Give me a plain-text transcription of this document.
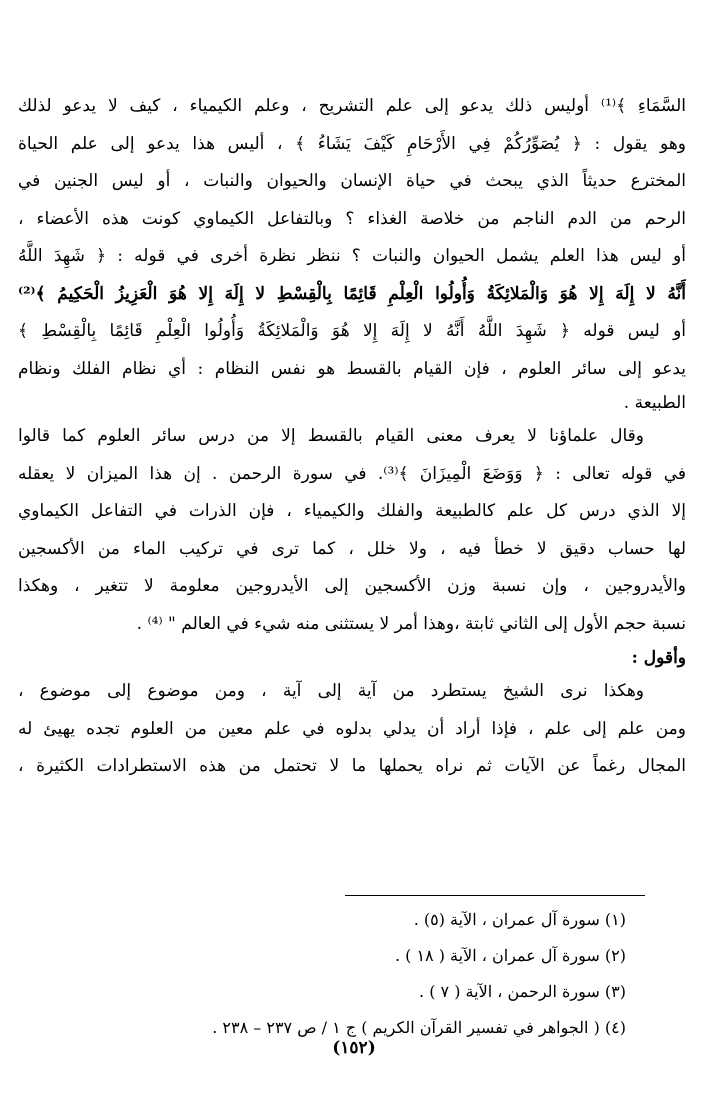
السَّمَاءِ ﴾⁽¹⁾ أوليس ذلك يدعو إلى علم التشريح ، وعلم الكيمياء ، كيف لا يدعو لذلك
وهو يقول : ﴿ يُصَوِّرُكُمْ فِي الأَرْحَامِ كَيْفَ يَشَاءُ ﴾ ، أليس هذا يدعو إلى علم الحياة
المخترع حديثاً الذي يبحث في حياة الإنسان والحيوان والنبات ، أو ليس الجنين في
الرحم من الدم الناجم من خلاصة الغذاء ؟ وبالتفاعل الكيماوي كونت هذه الأعضاء ،
أو ليس هذا العلم يشمل الحيوان والنبات ؟ ننظر نظرة أخرى في قوله : ﴿ شَهِدَ اللَّهُ
أَنَّهُ لا إِلَهَ إِلا هُوَ وَالْمَلائِكَةُ وَأُولُوا الْعِلْمِ قَائِمًا بِالْقِسْطِ لا إِلَهَ إِلا هُوَ الْعَزِيزُ الْحَكِيمُ ﴾⁽²⁾
أو ليس قوله ﴿ شَهِدَ اللَّهُ أَنَّهُ لا إِلَهَ إِلا هُوَ وَالْمَلائِكَةُ وَأُولُوا الْعِلْمِ قَائِمًا بِالْقِسْطِ ﴾
يدعو إلى سائر العلوم ، فإن القيام بالقسط هو نفس النظام : أي نظام الفلك ونظام
الطبيعة .
وقال علماؤنا لا يعرف معنى القيام بالقسط إلا من درس سائر العلوم كما قالوا
في قوله تعالى : ﴿ وَوَضَعَ الْمِيزَانَ ﴾⁽³⁾. في سورة الرحمن . إن هذا الميزان لا يعقله
إلا الذي درس كل علم كالطبيعة والفلك والكيمياء ، فإن الذرات في التفاعل الكيماوي
لها حساب دقيق لا خطأ فيه ، ولا خلل ، كما ترى في تركيب الماء من الأكسجين
والأيدروجين ، وإن نسبة وزن الأكسجين إلى الأيدروجين معلومة لا تتغير ، وهكذا
نسبة حجم الأول إلى الثاني ثابتة ،وهذا أمر لا يستثنى منه شيء في العالم " ⁽⁴⁾ .
وأقول :
وهكذا نرى الشيخ يستطرد من آية إلى آية ، ومن موضوع إلى موضوع ،
ومن علم إلى علم ، فإذا أراد أن يدلي بدلوه في علم معين من العلوم تجده يهيئ له
المجال رغماً عن الآيات ثم نراه يحملها ما لا تحتمل من هذه الاستطرادات الكثيرة ،
(١) سورة آل عمران ، الآية (٥) .
(٢) سورة آل عمران ، الآية ( ١٨ ) .
(٣) سورة الرحمن ، الآية ( ٧ ) .
(٤) ( الجواهر في تفسير القرآن الكريم ) ج ١ / ص ٢٣٧ – ٢٣٨ .
(١٥٢)
